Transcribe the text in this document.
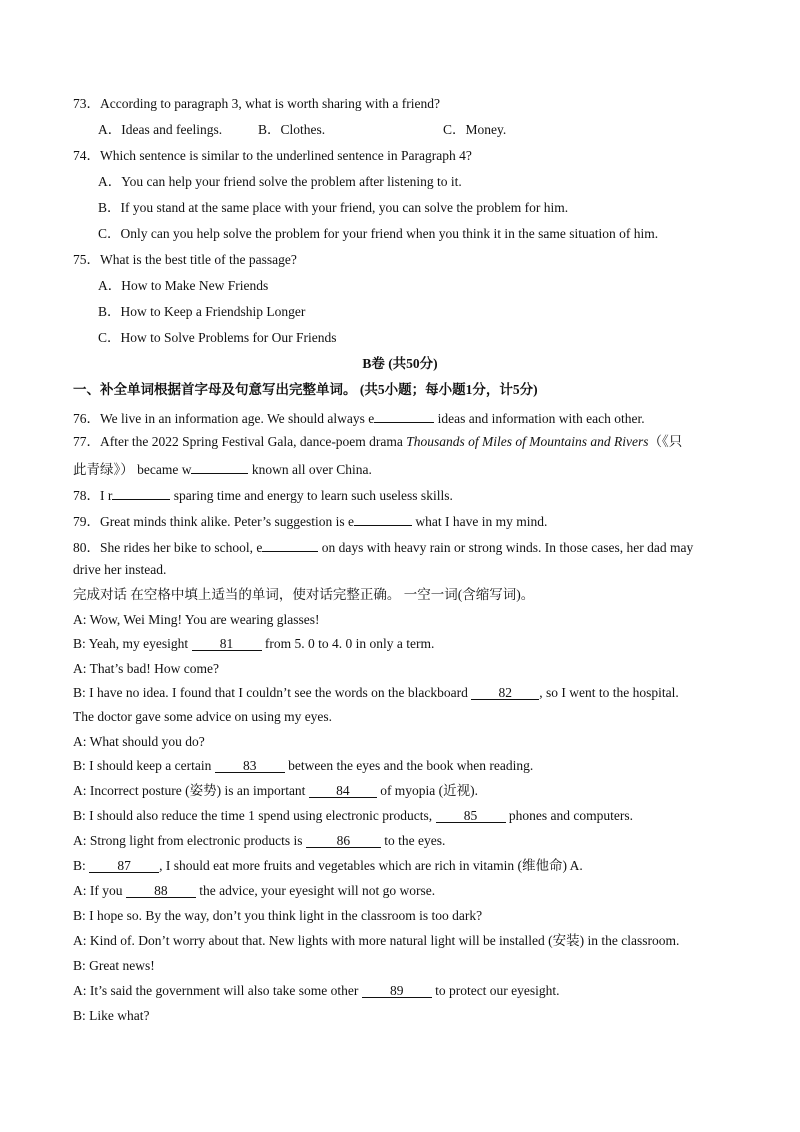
73．According to paragraph 3, what is worth sharing with a friend?
A．Ideas and feelings.	B．Clothes.	C．Money.
74．Which sentence is similar to the underlined sentence in Paragraph 4?
A．You can help your friend solve the problem after listening to it.
B．If you stand at the same place with your friend, you can solve the problem for him.
C．Only can you help solve the problem for your friend when you think it in the same situation of him.
75．What is the best title of the passage?
A．How to Make New Friends
B．How to Keep a Friendship Longer
C．How to Solve Problems for Our Friends
B卷 (共50分)
一、补全单词根据首字母及句意写出完整单词。 (共5小题；每小题1分，计5分)
76．We live in an information age. We should always e	ideas and information with each other.
77．After the 2022 Spring Festival Gala, dance-poem drama Thousands of Miles of Mountains and Rivers（《只
此青绿》） became w	known all over China.
78．I r	sparing time and energy to learn such useless skills.
79．Great minds think alike. Peter’s suggestion is e	what I have in my mind.
80．She rides her bike to school, e	on days with heavy rain or strong winds. In those cases, her dad may
drive her instead.
完成对话 在空格中填上适当的单词，使对话完整正确。 一空一词(含缩写词)。
A: Wow, Wei Ming! You are wearing glasses!
B: Yeah, my eyesight 81 from 5. 0 to 4. 0 in only a term.
A: That’s bad! How come?
B: I have no idea. I found that I couldn’t see the words on the blackboard 82 , so I went to the hospital.
The doctor gave some advice on using my eyes.
A: What should you do?
B: I should keep a certain 83 between the eyes and the book when reading.
A: Incorrect posture (姿势) is an important 84 of myopia (近视).
B: I should also reduce the time 1 spend using electronic products, 85 phones and computers.
A: Strong light from electronic products is 86 to the eyes.
B: 87 , I should eat more fruits and vegetables which are rich in vitamin (维他命) A.
A: If you 88 the advice, your eyesight will not go worse.
B: I hope so. By the way, don’t you think light in the classroom is too dark?
A: Kind of. Don’t worry about that. New lights with more natural light will be installed (安装) in the classroom.
B: Great news!
A: It’s said the government will also take some other 89 to protect our eyesight.
B: Like what?
